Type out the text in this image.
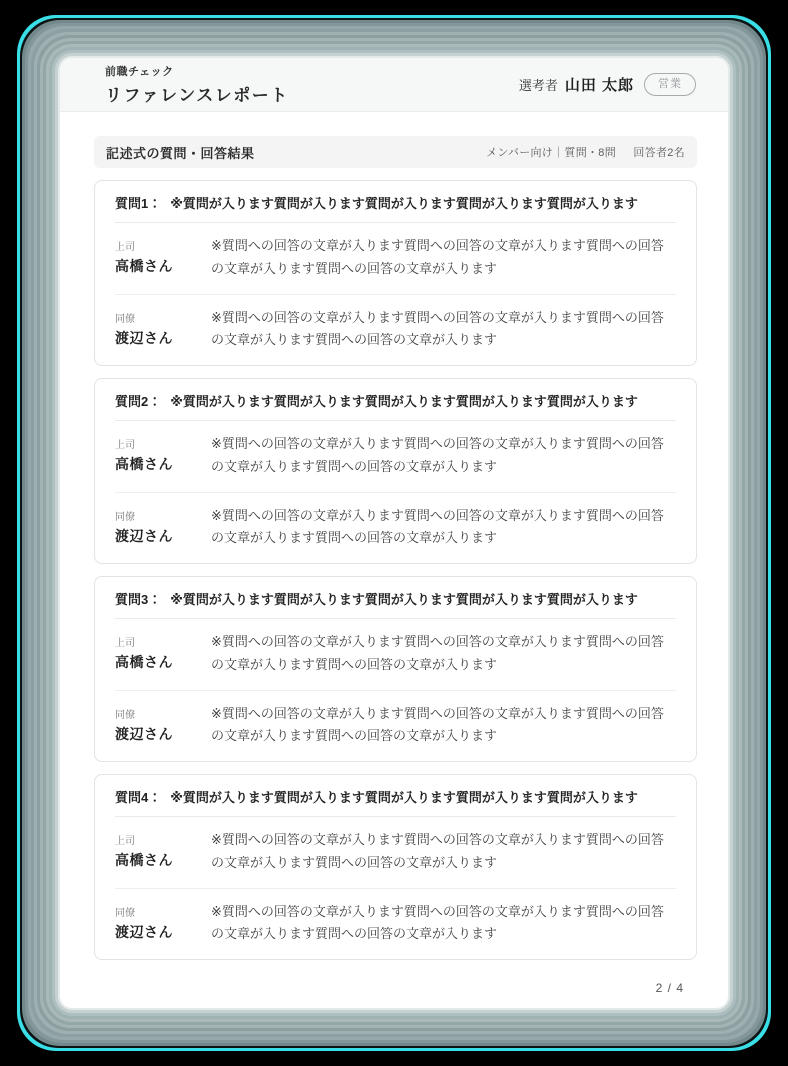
前職チェック
リファレンスレポート
選考者 山田 太郎	営業
記述式の質問・回答結果	メンバー向け｜質問・8問 回答者2名
質問1： ※質問が入ります質問が入ります質問が入ります質問が入ります質問が入ります
上司
高橋さん
※質問への回答の文章が入ります質問への回答の文章が入ります質問への回答の文章が入ります質問への回答の文章が入ります
同僚
渡辺さん
※質問への回答の文章が入ります質問への回答の文章が入ります質問への回答の文章が入ります質問への回答の文章が入ります
質問2： ※質問が入ります質問が入ります質問が入ります質問が入ります質問が入ります
上司
高橋さん
※質問への回答の文章が入ります質問への回答の文章が入ります質問への回答の文章が入ります質問への回答の文章が入ります
同僚
渡辺さん
※質問への回答の文章が入ります質問への回答の文章が入ります質問への回答の文章が入ります質問への回答の文章が入ります
質問3： ※質問が入ります質問が入ります質問が入ります質問が入ります質問が入ります
上司
高橋さん
※質問への回答の文章が入ります質問への回答の文章が入ります質問への回答の文章が入ります質問への回答の文章が入ります
同僚
渡辺さん
※質問への回答の文章が入ります質問への回答の文章が入ります質問への回答の文章が入ります質問への回答の文章が入ります
質問4： ※質問が入ります質問が入ります質問が入ります質問が入ります質問が入ります
上司
高橋さん
※質問への回答の文章が入ります質問への回答の文章が入ります質問への回答の文章が入ります質問への回答の文章が入ります
同僚
渡辺さん
※質問への回答の文章が入ります質問への回答の文章が入ります質問への回答の文章が入ります質問への回答の文章が入ります
2 / 4
